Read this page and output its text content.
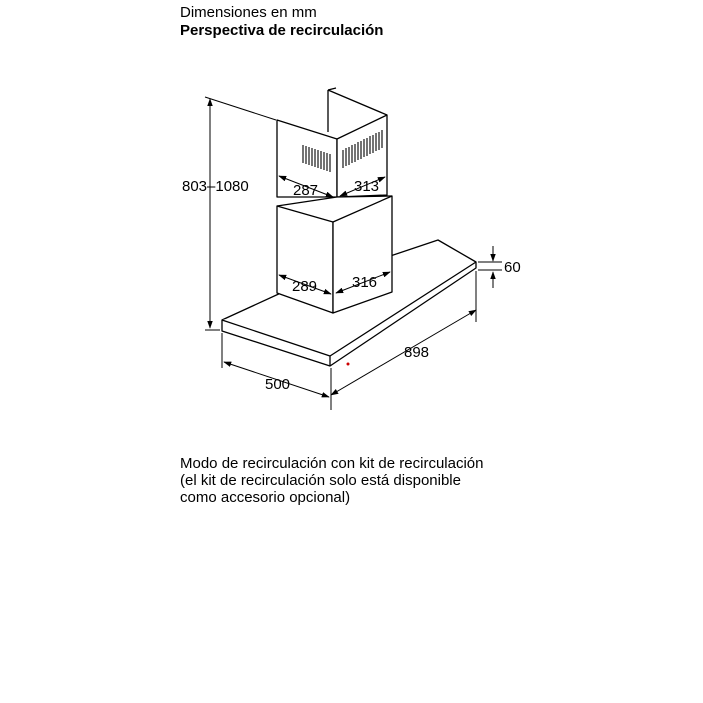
Dimensiones en mm
Perspectiva de recirculación
803–1080	287 313
289 316
60
898
500
Modo de recirculación con kit de recirculación
(el kit de recirculación solo está disponible
como accesorio opcional)
